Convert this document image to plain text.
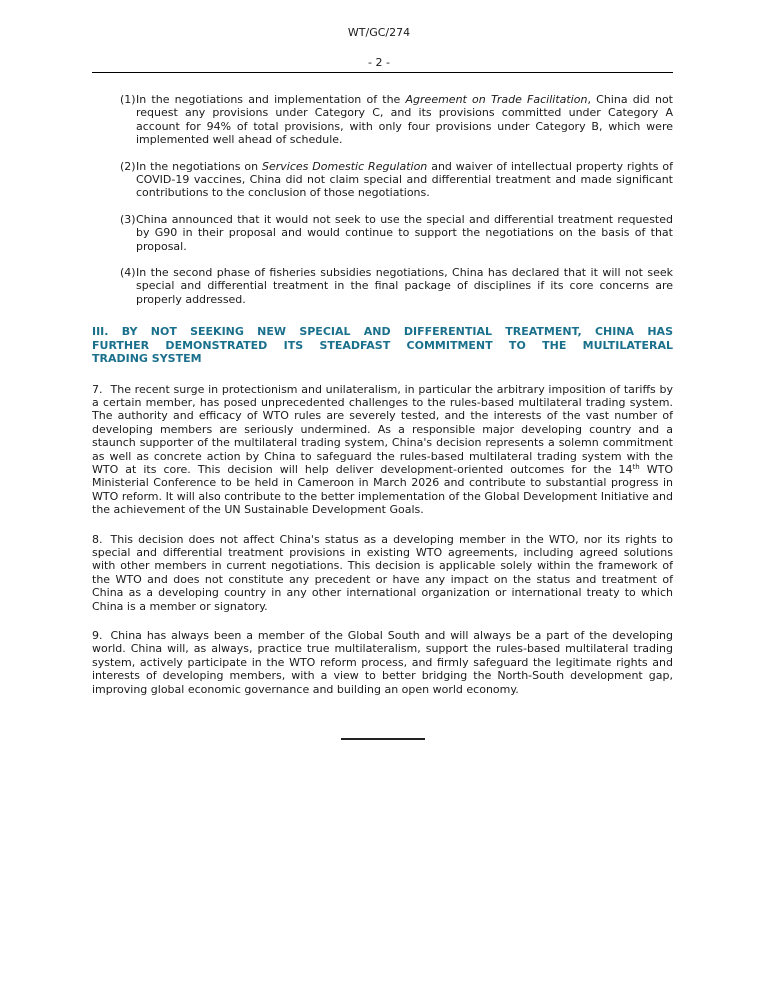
WT/GC/274
- 2 -
(1) In the negotiations and implementation of the Agreement on Trade Facilitation, China did not request any provisions under Category C, and its provisions committed under Category A account for 94% of total provisions, with only four provisions under Category B, which were implemented well ahead of schedule.
(2) In the negotiations on Services Domestic Regulation and waiver of intellectual property rights of COVID-19 vaccines, China did not claim special and differential treatment and made significant contributions to the conclusion of those negotiations.
(3) China announced that it would not seek to use the special and differential treatment requested by G90 in their proposal and would continue to support the negotiations on the basis of that proposal.
(4) In the second phase of fisheries subsidies negotiations, China has declared that it will not seek special and differential treatment in the final package of disciplines if its core concerns are properly addressed.
III. BY NOT SEEKING NEW SPECIAL AND DIFFERENTIAL TREATMENT, CHINA HAS
FURTHER DEMONSTRATED ITS STEADFAST COMMITMENT TO THE MULTILATERAL
TRADING SYSTEM

7. The recent surge in protectionism and unilateralism, in particular the arbitrary imposition of tariffs by a certain member, has posed unprecedented challenges to the rules-based multilateral trading system. The authority and efficacy of WTO rules are severely tested, and the interests of the vast number of developing members are seriously undermined. As a responsible major developing country and a staunch supporter of the multilateral trading system, China's decision represents a solemn commitment as well as concrete action by China to safeguard the rules-based multilateral trading system with the WTO at its core. This decision will help deliver development-oriented outcomes for the 14th WTO Ministerial Conference to be held in Cameroon in March 2026 and contribute to substantial progress in WTO reform. It will also contribute to the better implementation of the Global Development Initiative and the achievement of the UN Sustainable Development Goals.

8. This decision does not affect China's status as a developing member in the WTO, nor its rights to special and differential treatment provisions in existing WTO agreements, including agreed solutions with other members in current negotiations. This decision is applicable solely within the framework of the WTO and does not constitute any precedent or have any impact on the status and treatment of China as a developing country in any other international organization or international treaty to which China is a member or signatory.

9. China has always been a member of the Global South and will always be a part of the developing world. China will, as always, practice true multilateralism, support the rules-based multilateral trading system, actively participate in the WTO reform process, and firmly safeguard the legitimate rights and interests of developing members, with a view to better bridging the North-South development gap, improving global economic governance and building an open world economy.
